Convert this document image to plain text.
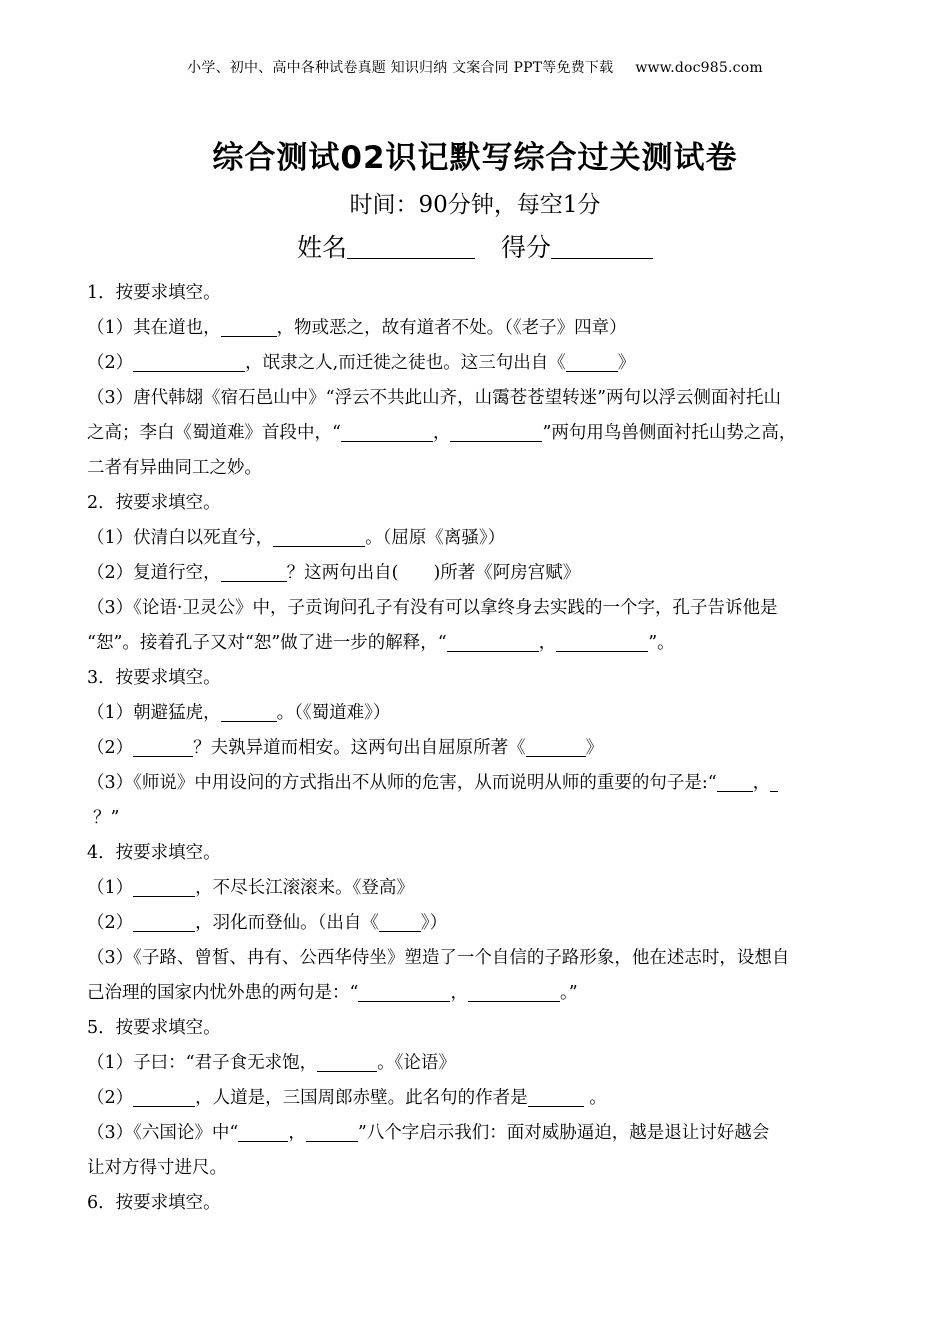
小学、初中、高中各种试卷真题 知识归纳 文案合同 PPT等免费下载 www.doc985.com
综合测试02识记默写综合过关测试卷
时间：90分钟，每空1分
姓名	得分
1．按要求填空。
（1）其在道也，	，物或恶之，故有道者不处。（《老子》四章）
（2）	，氓隶之人,而迁徙之徒也。这三句出自《	》
（3）唐代韩翃《宿石邑山中》“浮云不共此山齐，山霭苍苍望转迷”两句以浮云侧面衬托山
之高；李白《蜀道难》首段中，“	，	”两句用鸟兽侧面衬托山势之高，
二者有异曲同工之妙。
2．按要求填空。
（1）伏清白以死直兮，	。（屈原《离骚》）
（2）复道行空，	？这两句出自(　　)所著《阿房宫赋》
（3）《论语·卫灵公》中，子贡询问孔子有没有可以拿终身去实践的一个字，孔子告诉他是
“恕”。接着孔子又对“恕”做了进一步的解释，“	，	”。
3．按要求填空。
（1）朝避猛虎，	。（《蜀道难》）
（2）	？夫孰异道而相安。这两句出自屈原所著《	》
（3）《师说》中用设问的方式指出不从师的危害，从而说明从师的重要的句子是:“ ，
？”
4．按要求填空。
（1）	，不尽长江滚滚来。《登高》
（2）	，羽化而登仙。（出自《 》）
（3）《子路、曾皙、冉有、公西华侍坐》塑造了一个自信的子路形象，他在述志时，设想自
己治理的国家内忧外患的两句是：“	，	。”
5．按要求填空。
（1）子曰：“君子食无求饱，	。《论语》
（2）	，人道是，三国周郎赤壁。此名句的作者是	。
（3）《六国论》中“	，	”八个字启示我们：面对威胁逼迫，越是退让讨好越会
让对方得寸进尺。
6．按要求填空。
